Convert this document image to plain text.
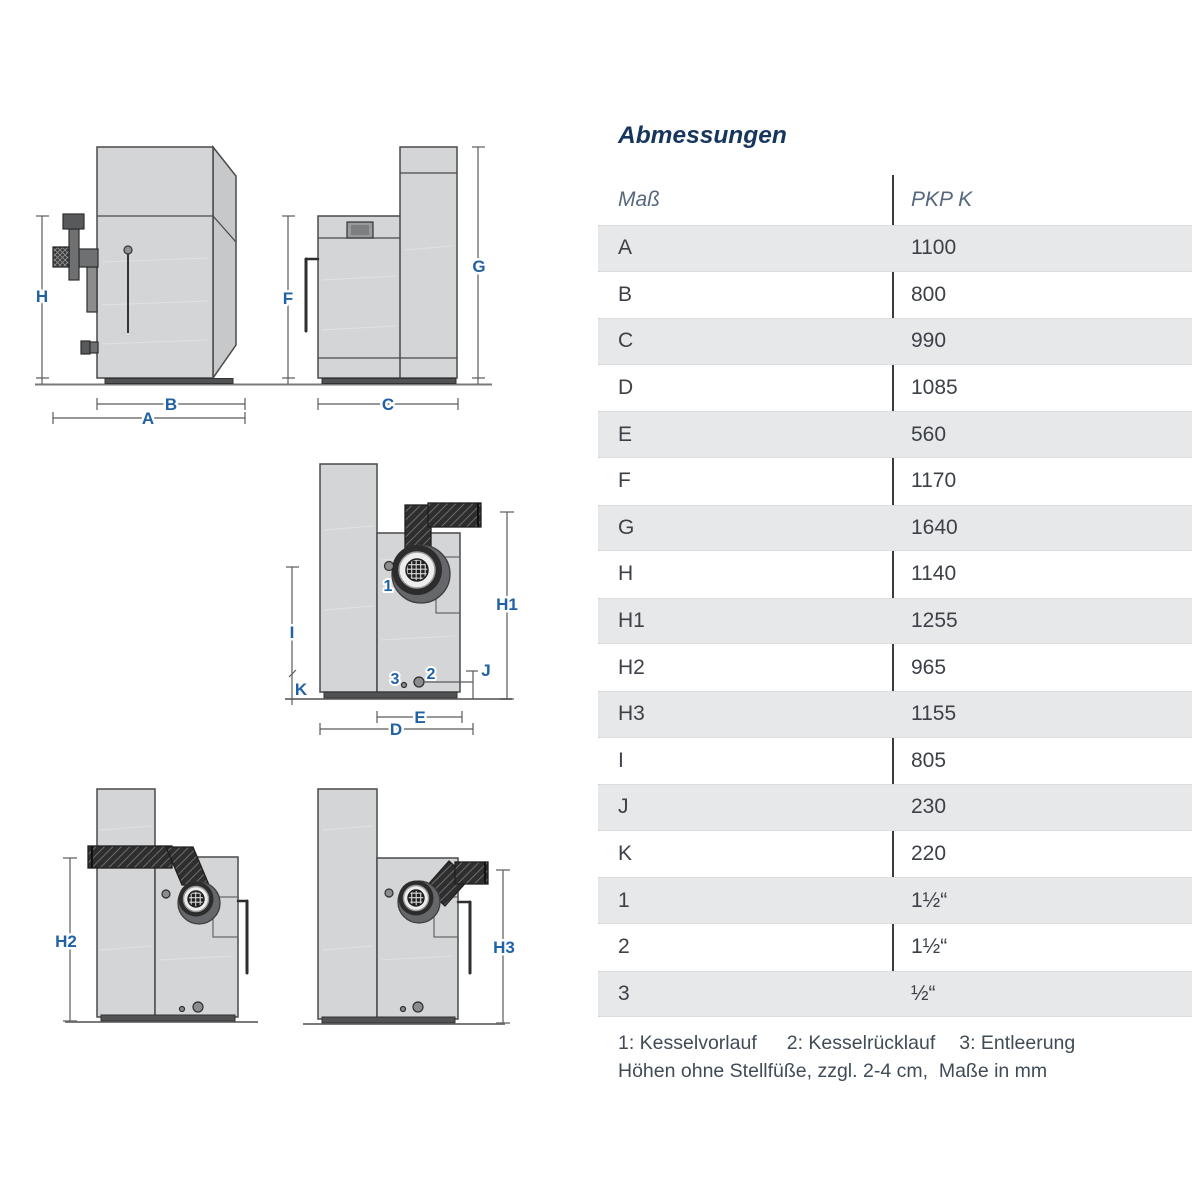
H
B
A
F
G
C
1
2
3
H1
I
K
J
E
D
H2	H3
Abmessungen
Maß	PKP K
A	1100
B	800
C	990
D	1085
E	560
F	1170
G	1640
H	1140
H1	1255
H2	965
H3	1155
I	805
J	230
K	220
1	1½“
2	1½“
3	½“
1: Kesselvorlauf 2: Kesselrücklauf 3: Entleerung
Höhen ohne Stellfüße, zzgl. 2-4 cm,  Maße in mm
